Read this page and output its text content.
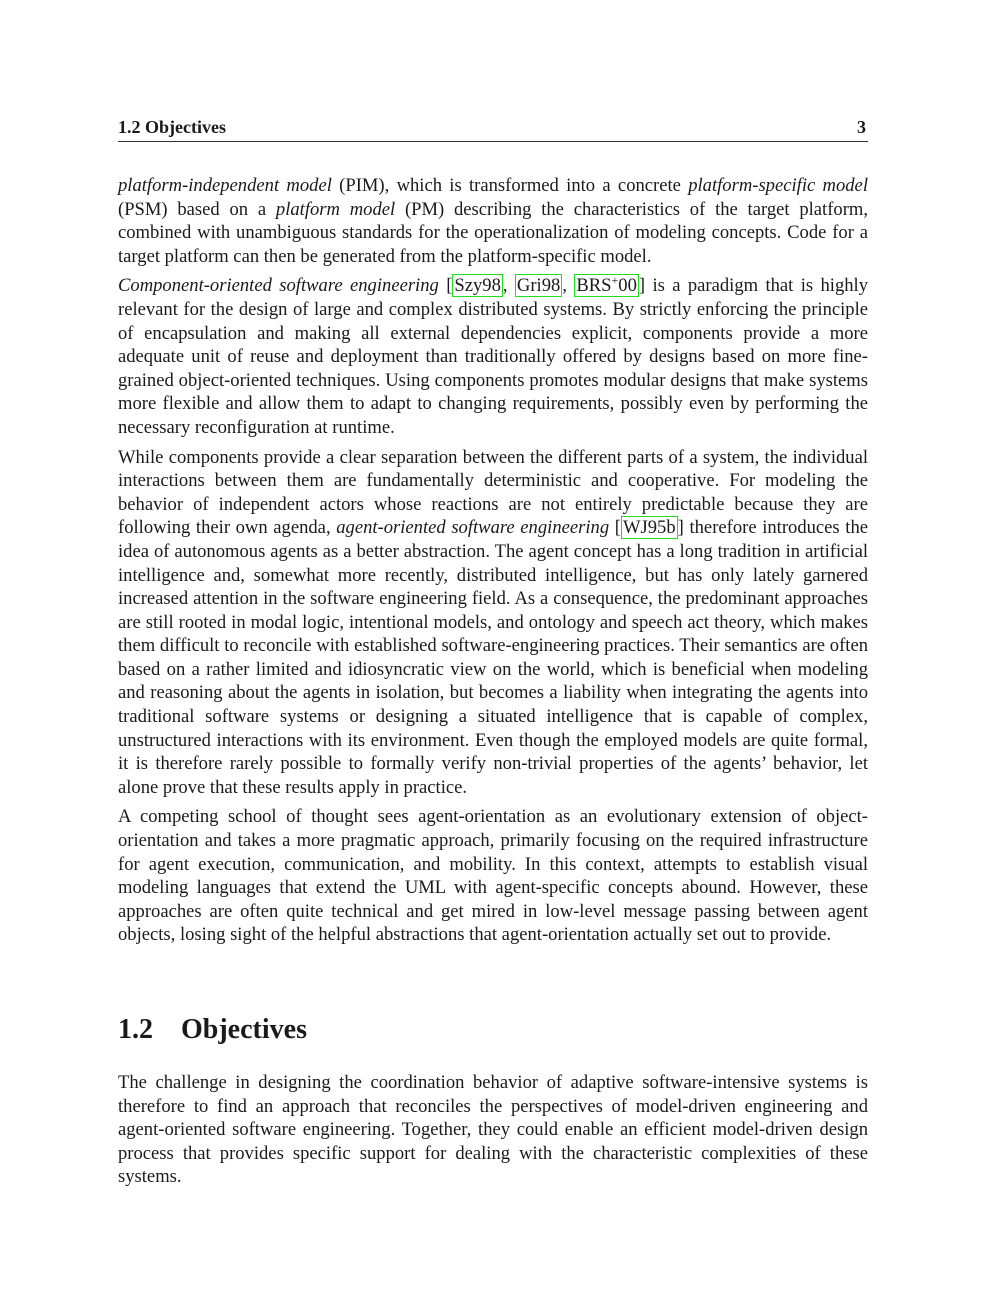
1.2 Objectives	3

platform-independent model (PIM), which is transformed into a concrete platform-specific model (PSM) based on a platform model (PM) describing the characteristics of the target platform, combined with unambiguous standards for the operationalization of modeling concepts. Code for a target platform can then be generated from the platform-specific model.

Component-oriented software engineering [ Szy98 , Gri98 , BRS+00 ] is a paradigm that is highly relevant for the design of large and complex distributed systems. By strictly enforcing the principle of encapsulation and making all external dependencies explicit, components provide a more adequate unit of reuse and deployment than traditionally offered by designs based on more fine-grained object-oriented techniques. Using components promotes modular designs that make systems more flexible and allow them to adapt to changing requirements, possibly even by performing the necessary reconfiguration at runtime.

While components provide a clear separation between the different parts of a system, the individual interactions between them are fundamentally deterministic and cooperative. For modeling the behavior of independent actors whose reactions are not entirely predictable because they are following their own agenda, agent-oriented software engineering [ WJ95b ] therefore introduces the idea of autonomous agents as a better abstraction. The agent concept has a long tradition in artificial intelligence and, somewhat more recently, distributed intelligence, but has only lately garnered increased attention in the software engineering field. As a consequence, the predominant approaches are still rooted in modal logic, intentional models, and ontology and speech act theory, which makes them difficult to reconcile with established software-engineering practices. Their semantics are often based on a rather limited and idiosyncratic view on the world, which is beneficial when modeling and reasoning about the agents in isolation, but becomes a liability when integrating the agents into traditional software systems or designing a situated intelligence that is capable of complex, unstructured interactions with its environment. Even though the employed models are quite formal, it is therefore rarely possible to formally verify non-trivial properties of the agents’ behavior, let alone prove that these results apply in practice.

A competing school of thought sees agent-orientation as an evolutionary extension of object-orientation and takes a more pragmatic approach, primarily focusing on the required infrastructure for agent execution, communication, and mobility. In this context, attempts to establish visual modeling languages that extend the UML with agent-specific concepts abound. However, these approaches are often quite technical and get mired in low-level message passing between agent objects, losing sight of the helpful abstractions that agent-orientation actually set out to provide.

1.2 Objectives

The challenge in designing the coordination behavior of adaptive software-intensive systems is therefore to find an approach that reconciles the perspectives of model-driven engineering and agent-oriented software engineering. Together, they could enable an efficient model-driven design process that provides specific support for dealing with the characteristic complexities of these systems.
